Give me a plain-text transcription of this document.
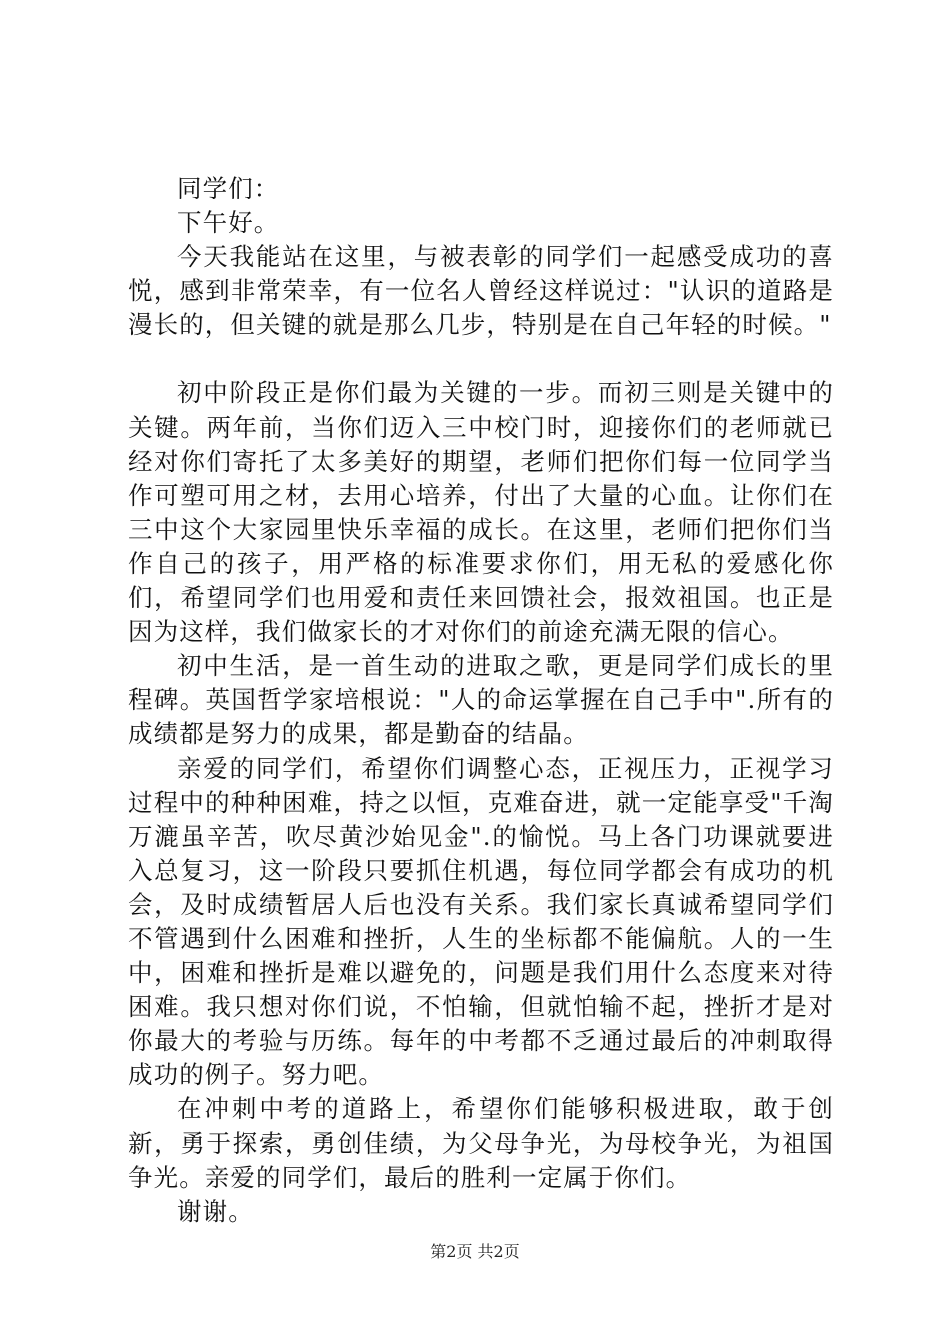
同学们：

下午好。

今天我能站在这里，与被表彰的同学们一起感受成功的喜悦，感到非常荣幸，有一位名人曾经这样说过："认识的道路是漫长的，但关键的就是那么几步，特别是在自己年轻的时候。"

初中阶段正是你们最为关键的一步。而初三则是关键中的关键。两年前，当你们迈入三中校门时，迎接你们的老师就已经对你们寄托了太多美好的期望，老师们把你们每一位同学当作可塑可用之材，去用心培养，付出了大量的心血。让你们在三中这个大家园里快乐幸福的成长。在这里，老师们把你们当作自己的孩子，用严格的标准要求你们，用无私的爱感化你们，希望同学们也用爱和责任来回馈社会，报效祖国。也正是因为这样，我们做家长的才对你们的前途充满无限的信心。

初中生活，是一首生动的进取之歌，更是同学们成长的里程碑。英国哲学家培根说："人的命运掌握在自己手中".所有的成绩都是努力的成果，都是勤奋的结晶。

亲爱的同学们，希望你们调整心态，正视压力，正视学习过程中的种种困难，持之以恒，克难奋进，就一定能享受"千淘万漉虽辛苦，吹尽黄沙始见金".的愉悦。马上各门功课就要进入总复习，这一阶段只要抓住机遇，每位同学都会有成功的机会，及时成绩暂居人后也没有关系。我们家长真诚希望同学们不管遇到什么困难和挫折，人生的坐标都不能偏航。人的一生中，困难和挫折是难以避免的，问题是我们用什么态度来对待困难。我只想对你们说，不怕输，但就怕输不起，挫折才是对你最大的考验与历练。每年的中考都不乏通过最后的冲刺取得成功的例子。努力吧。

在冲刺中考的道路上，希望你们能够积极进取，敢于创新，勇于探索，勇创佳绩，为父母争光，为母校争光，为祖国争光。亲爱的同学们，最后的胜利一定属于你们。

谢谢。

第2页 共2页
